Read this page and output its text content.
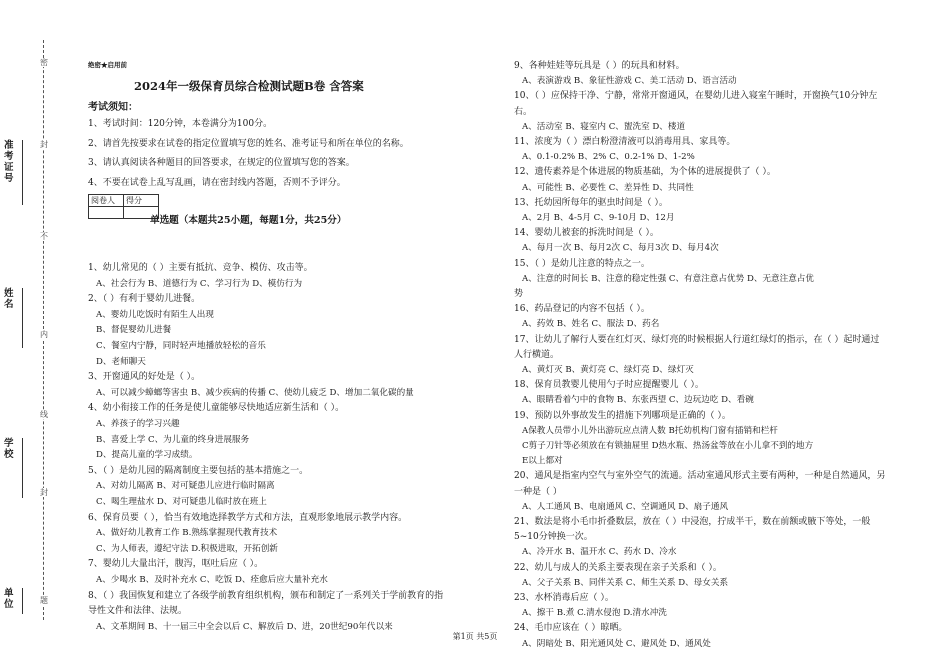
密
封
不
内
线
封
题
准考证号
姓名
学校
单位
绝密★启用前
2024年一级保育员综合检测试题B卷 含答案
考试须知：
1、考试时间：120分钟，本卷满分为100分。
2、请首先按要求在试卷的指定位置填写您的姓名、准考证号和所在单位的名称。
3、请认真阅读各种题目的回答要求，在规定的位置填写您的答案。
4、不要在试卷上乱写乱画，请在密封线内答题，否则不予评分。
阅卷人	得分

单选题（本题共25小题，每题1分，共25分）
1、幼儿常见的（ ）主要有抵抗、竞争、模仿、攻击等。
A、社会行为 B、道德行为 C、学习行为 D、模仿行为
2、（ ）有利于婴幼儿进餐。
A、婴幼儿吃饭时有陌生人出现
B、督促婴幼儿进餐
C、餐室内宁静，同时轻声地播放轻松的音乐
D、老师聊天
3、开窗通风的好处是（ ）。
A、可以减少蟑螂等害虫 B、减少疾病的传播 C、使幼儿疲乏 D、增加二氧化碳的量
4、幼小衔接工作的任务是使儿童能够尽快地适应新生活和（ ）。
A、养孩子的学习兴趣
B、喜爱上学 C、为儿童的终身进展服务
D、提高儿童的学习成绩。
5、（ ）是幼儿园的隔离制度主要包括的基本措施之一。
A、对幼儿隔离 B、对可疑患儿应进行临时隔离
C、喝生理盐水 D、对可疑患儿临时放在班上
6、保育员要（ ），恰当有效地选择教学方式和方法，直观形象地展示教学内容。
A、做好幼儿教育工作 B.熟练掌握现代教育技术
C、为人师表，遵纪守法 D.积极进取，开拓创新
7、婴幼儿大量出汗，腹泻，呕吐后应（ ）。
A、少喝水 B、及时补充水 C、吃饭 D、痊愈后应大量补充水
8、（ ）我国恢复和建立了各级学前教育组织机构，颁布和制定了一系列关于学前教育的指
导性文件和法律、法规。
A、文革期间 B、十一届三中全会以后 C、解放后 D、进，20世纪90年代以来
9、各种娃娃等玩具是（ ）的玩具和材料。
A、表演游戏 B、象征性游戏 C、美工活动 D、语言活动
10、（ ）应保持干净、宁静，常常开窗通风，在婴幼儿进入寝室午睡时，开窗换气10分钟左
右。
A、活动室 B、寝室内 C、盥洗室 D、楼道
11、浓度为（ ）漂白粉澄清液可以消毒用具、家具等。
A、0.1-0.2% B、2% C、0.2-1% D、1-2%
12、遗传素养是个体进展的物质基础，为个体的进展提供了（ ）。
A、可能性 B、必要性 C、差异性 D、共同性
13、托幼园所每年的驱虫时间是（ ）。
A、2月 B、4-5月 C、9-10月 D、12月
14、婴幼儿被套的拆洗时间是（ ）。
A、每月一次 B、每月2次 C、每月3次 D、每月4次
15、（ ）是幼儿注意的特点之一。
A、注意的时间长 B、注意的稳定性强 C、有意注意占优势 D、无意注意占优
势
16、药品登记的内容不包括（ ）。
A、药效 B、姓名 C、服法 D、药名
17、让幼儿了解行人要在红灯灭、绿灯亮的时候根据人行道红绿灯的指示，在（ ）起时通过
人行横道。
A、黄灯灭 B、黄灯亮 C、绿灯亮 D、绿灯灭
18、保育员教婴儿使用勺子时应提醒婴儿（ ）。
A、眼睛看着勺中的食物 B、东张西望 C、边玩边吃 D、看碗
19、预防以外事故发生的措施下列哪项是正确的（ ）。
A保教人员带小儿外出游玩应点清人数 B托幼机构门窗有插销和栏杆
C剪子刀针等必须放在有锁抽屉里 D热水瓶、热汤盆等放在小儿拿不到的地方
E以上都对
20、通风是指室内空气与室外空气的流通。活动室通风形式主要有两种，一种是自然通风，另
一种是（ ）
A、人工通风 B、电扇通风 C、空调通风 D、扇子通风
21、数法是将小毛巾折叠数层，放在（ ）中浸泡，拧成半干，数在前额或腋下等处，一般
5~10分钟换一次。
A、冷开水 B、温开水 C、药水 D、冷水
22、幼儿与成人的关系主要表现在亲子关系和（ ）。
A、父子关系 B、同伴关系 C、师生关系 D、母女关系
23、水杯消毒后应（ ）。
A、擦干 B.煮 C.清水侵泡 D.清水冲洗
24、毛巾应该在（ ）晾晒。
A、阴暗处 B、阳光通风处 C、避风处 D、通风处
第1页 共5页
